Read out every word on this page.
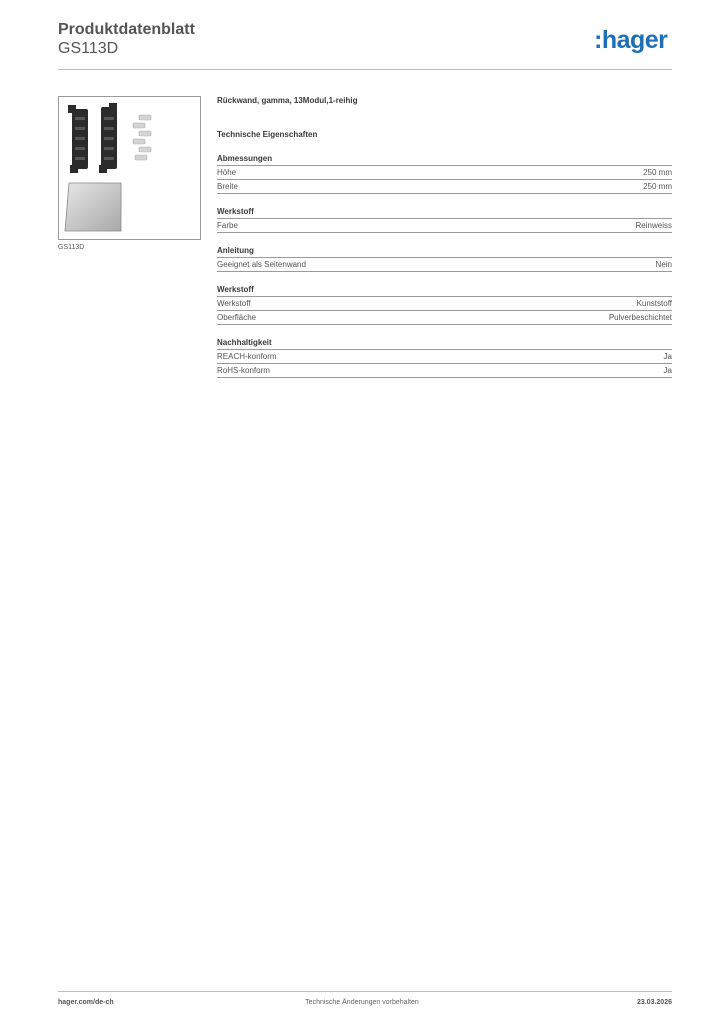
Produktdatenblatt
GS113D	:hager
GS113D
Rückwand, gamma, 13Modul,1-reihig
Technische Eigenschaften
Abmessungen
Höhe	250 mm
Breite	250 mm
Werkstoff
Farbe	Reinweiss
Anleitung
Geeignet als Seitenwand	Nein
Werkstoff
Werkstoff	Kunststoff
Oberfläche	Pulverbeschichtet
Nachhaltigkeit
REACH-konform	Ja
RoHS-konform	Ja
hager.com/de-ch	Technische Änderungen vorbehalten	23.03.2026
